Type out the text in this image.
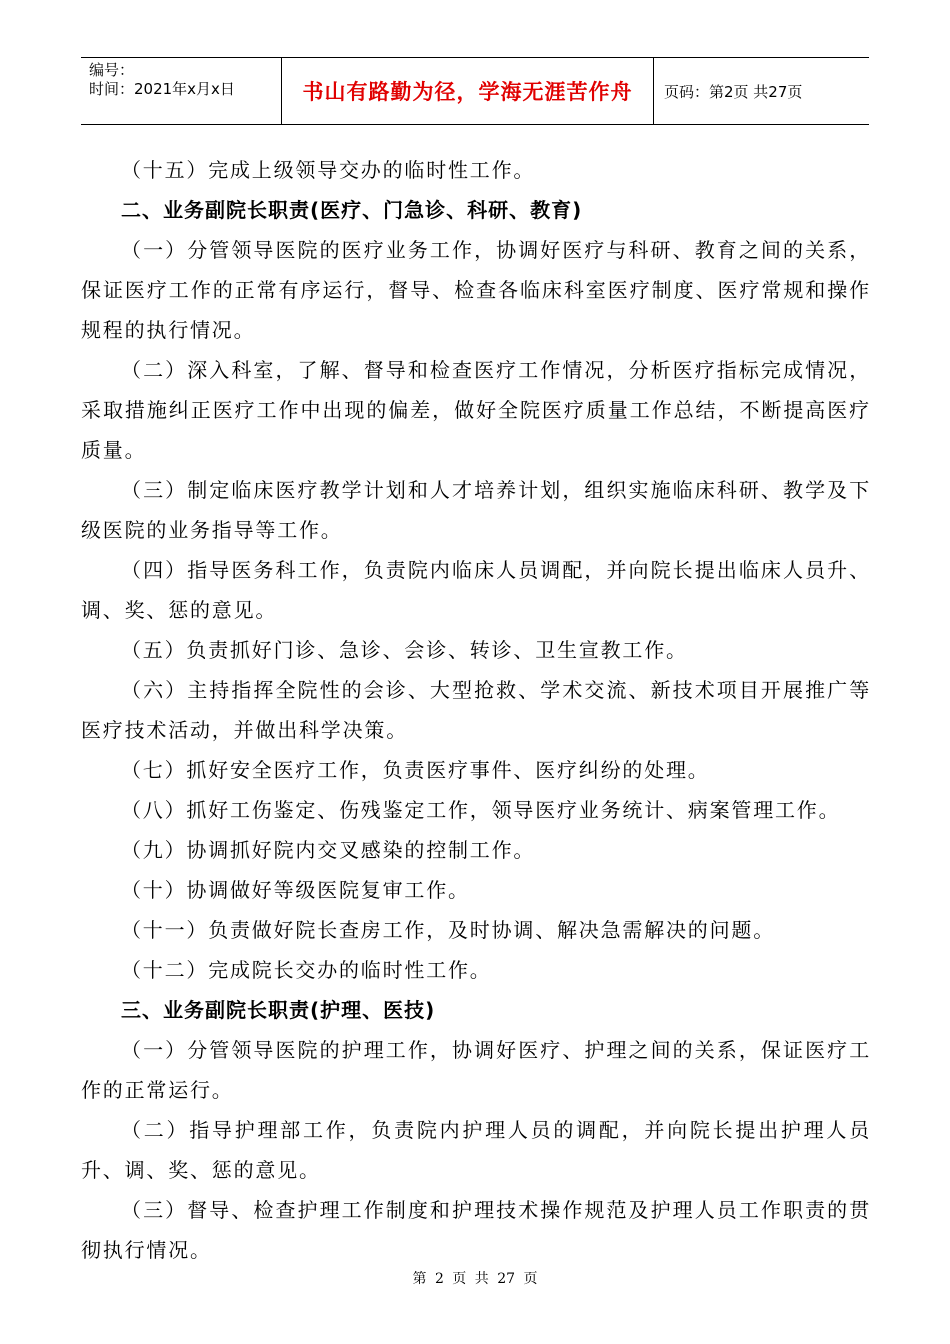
编号：
时间：2021年x月x日	书山有路勤为径，学海无涯苦作舟	页码：第2页 共27页

（十五）完成上级领导交办的临时性工作。

二、业务副院长职责(医疗、门急诊、科研、教育)

（一）分管领导医院的医疗业务工作，协调好医疗与科研、教育之间的关系，保证医疗工作的正常有序运行，督导、检查各临床科室医疗制度、医疗常规和操作规程的执行情况。

（二）深入科室，了解、督导和检查医疗工作情况，分析医疗指标完成情况，采取措施纠正医疗工作中出现的偏差，做好全院医疗质量工作总结，不断提高医疗质量。

（三）制定临床医疗教学计划和人才培养计划，组织实施临床科研、教学及下级医院的业务指导等工作。

（四）指导医务科工作，负责院内临床人员调配，并向院长提出临床人员升、调、奖、惩的意见。

（五）负责抓好门诊、急诊、会诊、转诊、卫生宣教工作。

（六）主持指挥全院性的会诊、大型抢救、学术交流、新技术项目开展推广等医疗技术活动，并做出科学决策。

（七）抓好安全医疗工作，负责医疗事件、医疗纠纷的处理。

（八）抓好工伤鉴定、伤残鉴定工作，领导医疗业务统计、病案管理工作。

（九）协调抓好院内交叉感染的控制工作。

（十）协调做好等级医院复审工作。

（十一）负责做好院长查房工作，及时协调、解决急需解决的问题。

（十二）完成院长交办的临时性工作。

三、业务副院长职责(护理、医技)

（一）分管领导医院的护理工作，协调好医疗、护理之间的关系，保证医疗工作的正常运行。

（二）指导护理部工作，负责院内护理人员的调配，并向院长提出护理人员升、调、奖、惩的意见。

（三）督导、检查护理工作制度和护理技术操作规范及护理人员工作职责的贯彻执行情况。

第 2 页 共 27 页
